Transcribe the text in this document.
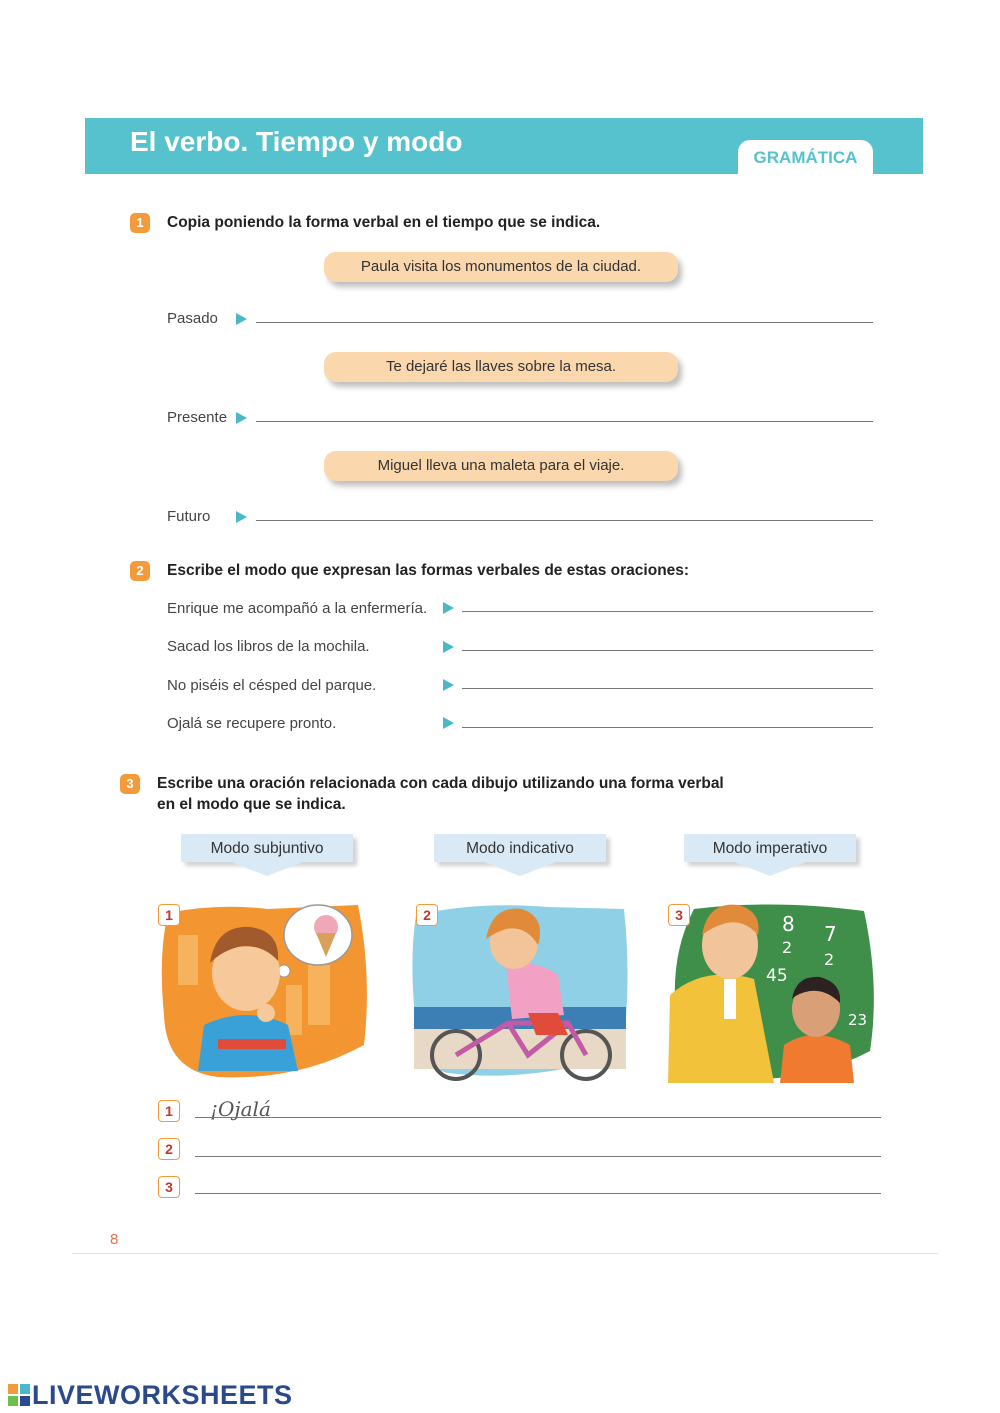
El verbo. Tiempo y modo
GRAMÁTICA
1	Copia poniendo la forma verbal en el tiempo que se indica.
Paula visita los monumentos de la ciudad.
Pasado
Te dejaré las llaves sobre la mesa.
Presente
Miguel lleva una maleta para el viaje.
Futuro
2	Escribe el modo que expresan las formas verbales de estas oraciones:
Enrique me acompañó a la enfermería.
Sacad los libros de la mochila.
No piséis el césped del parque.
Ojalá se recupere pronto.
3	Escribe una oración relacionada con cada dibujo utilizando una forma verbal
en el modo que se indica.
Modo subjuntivo	Modo indicativo	Modo imperativo
1	2	8
2
7
2
45
23
3
1	¡Ojalá
2
3
8
LIVEWORKSHEETS
